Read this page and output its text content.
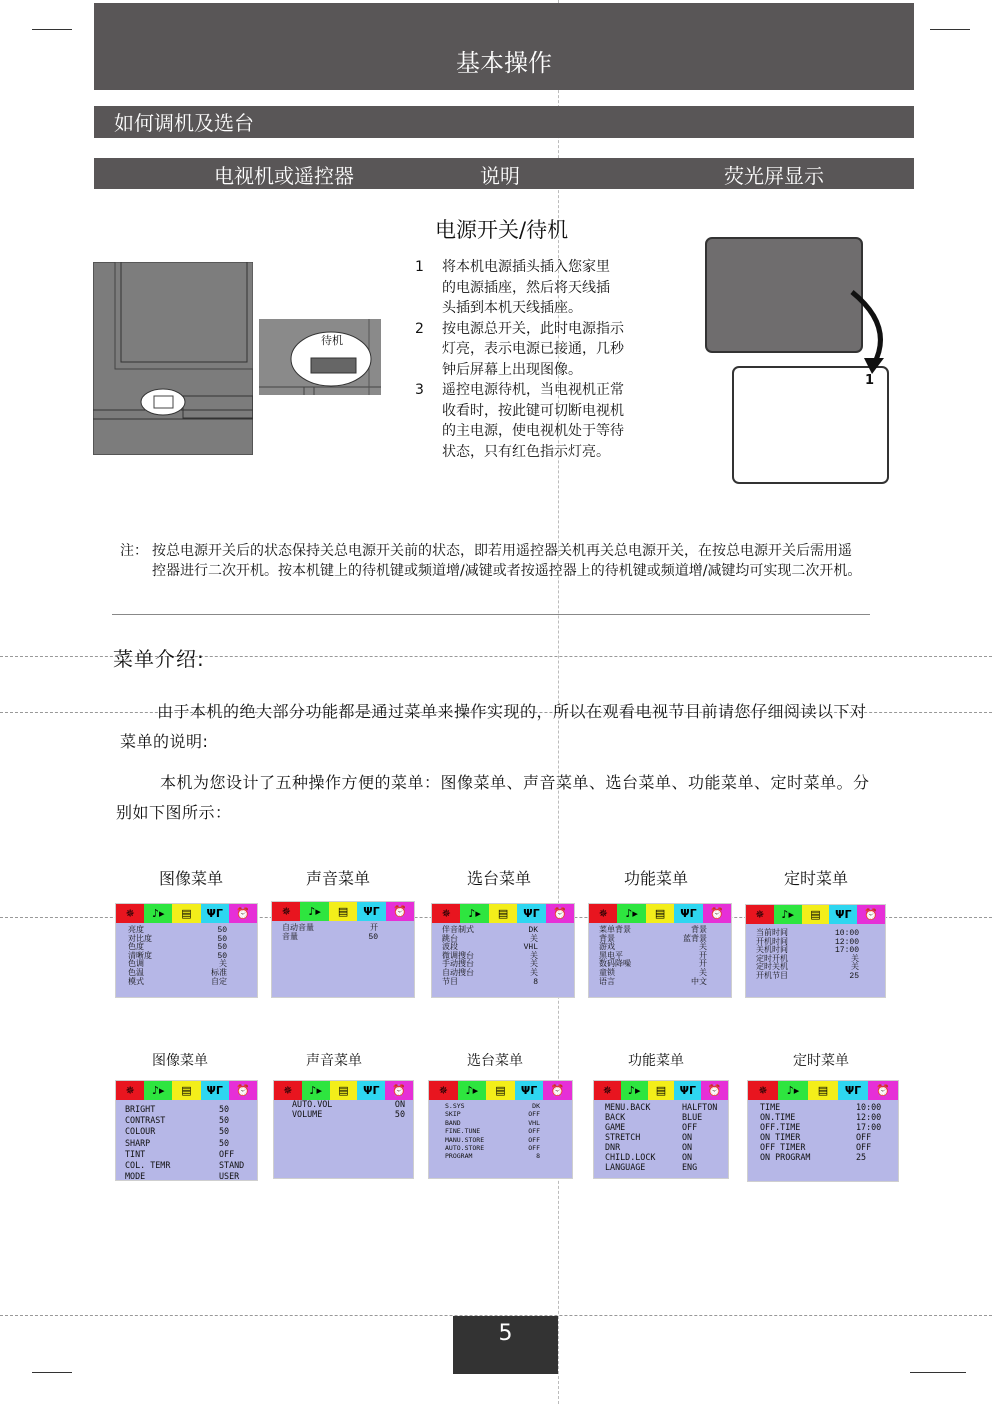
基本操作
如何调机及选台
电视机或遥控器	说明	荧光屏显示
电源开关/待机
待机
1	将本机电源插头插入您家里的电源插座，然后将天线插头插到本机天线插座。
2	按电源总开关，此时电源指示灯亮，表示电源已接通，几秒钟后屏幕上出现图像。
3	遥控电源待机，当电视机正常收看时，按此键可切断电视机的主电源，使电视机处于等待状态，只有红色指示灯亮。
1
注： 按总电源开关后的状态保持关总电源开关前的状态，即若用遥控器关机再关总电源开关，在按总电源开关后需用遥控器进行二次开机。按本机键上的待机键或频道增/减键或者按遥控器上的待机键或频道增/减键均可实现二次开机。
菜单介绍:
由于本机的绝大部分功能都是通过菜单来操作实现的，所以在观看电视节目前请您仔细阅读以下对菜单的说明:
本机为您设计了五种操作方便的菜单：图像菜单、声音菜单、选台菜单、功能菜单、定时菜单。分别如下图所示：
图像菜单	声音菜单	选台菜单	功能菜单	定时菜单
✵	♪▸	▤	ΨΓ	⏰
亮度	50
对比度	50
色度	50
清晰度	50
色调	关
色温	标准
模式	自定
✵	♪▸	▤	ΨΓ	⏰
自动音量	开
音量	50
✵	♪▸	▤	ΨΓ	⏰
伴音制式	DK
跳台	关
波段	VHL
微调搜台	关
手动搜台	关
自动搜台	关
节目	8
✵	♪▸	▤	ΨΓ	⏰
菜单背景	背景
背景	蓝背景
游戏	关
黑电平	开
数码降噪	开
童锁	关
语言	中文
✵	♪▸	▤	ΨΓ	⏰
当前时间	10:00
开机时间	12:00
关机时间	17:00
定时开机	关
定时关机	关
开机节目	25
图像菜单	声音菜单	选台菜单	功能菜单	定时菜单
✵	♪▸	▤	ΨΓ	⏰
BRIGHT	50
CONTRAST	50
COLOUR	50
SHARP	50
TINT	OFF
COL. TEMR	STAND
MODE	USER
✵	♪▸	▤	ΨΓ	⏰
AUTO.VOL	ON
VOLUME	50
✵	♪▸	▤	ΨΓ	⏰
S.SYS	DK
SKIP	OFF
BAND	VHL
FINE.TUNE	OFF
MANU.STORE	OFF
AUTO.STORE	OFF
PROGRAM	8
✵	♪▸	▤	ΨΓ	⏰
MENU.BACK	HALFTON
BACK	BLUE
GAME	OFF
STRETCH	ON
DNR	ON
CHILD.LOCK	ON
LANGUAGE	ENG
✵	♪▸	▤	ΨΓ	⏰
TIME	10:00
ON.TIME	12:00
OFF.TIME	17:00
ON TIMER	OFF
OFF TIMER	OFF
ON PROGRAM	25
5
